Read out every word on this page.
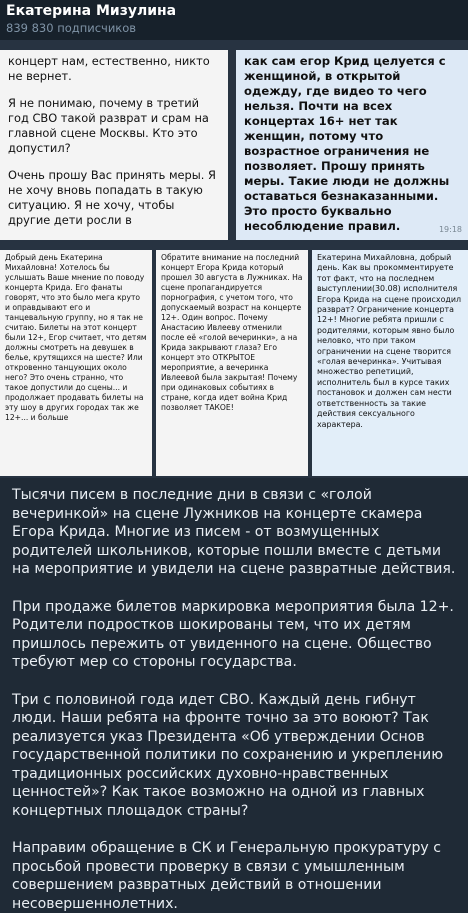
Екатерина Мизулина
839 830 подписчиков

концерт нам, естественно, никто не вернет.

Я не понимаю, почему в третий год СВО такой разврат и срам на главной сцене Москвы. Кто это допустил?

Очень прошу Вас принять меры. Я не хочу вновь попадать в такую ситуацию. Я не хочу, чтобы другие дети росли в

как сам егор Крид целуется с женщиной, в открытой одежду, где видео то чего нельзя. Почти на всех концертах 16+ нет так женщин, потому что возрастное ограничения не позволяет. Прошу принять меры. Такие люди не должны оставаться безнаказанными. Это просто буквально несоблюдение правил.	19:18
Добрый день Екатерина Михайловна! Хотелось бы услышать Ваше мнение по поводу концерта Крида. Его фанаты говорят, что это было мега круто и оправдывают его и танцевальную группу, но я так не считаю. Билеты на этот концерт были 12+, Егор считает, что детям должны смотреть на девушек в белье, крутящихся на шесте? Или откровенно танцующих около него? Это очень странно, что такое допустили до сцены... и продолжает продавать билеты на эту шоу в других городах так же 12+... и больше
Обратите внимание на последний концерт Егора Крида который прошел 30 августа в Лужниках. На сцене пропагандируется порнография, с учетом того, что допускаемый возраст на концерте 12+. Один вопрос. Почему Анастасию Ивлееву отменили после её «голой вечеринки», а на Крида закрывают глаза? Его концерт это ОТКРЫТОЕ мероприятие, а вечеринка Ивлеевой была закрытая! Почему при одинаковых событиях в стране, когда идет война Крид позволяет ТАКОЕ!
Екатерина Михайловна, добрый день. Как вы прокомментируете тот факт, что на последнем выступлении(30.08) исполнителя Егора Крида на сцене происходил разврат? Ограничение концерта 12+! Многие ребята пришли с родителями, которым явно было неловко, что при таком ограничении на сцене творится «голая вечеринка». Учитывая множество репетиций, исполнитель был в курсе таких постановок и должен сам нести ответственность за такие действия сексуального характера.

Тысячи писем в последние дни в связи с «голой вечеринкой» на сцене Лужников на концерте скамера Егора Крида. Многие из писем - от возмущенных родителей школьников, которые пошли вместе с детьми на мероприятие и увидели на сцене развратные действия.

При продаже билетов маркировка мероприятия была 12+. Родители подростков шокированы тем, что их детям пришлось пережить от увиденного на сцене. Общество требуют мер со стороны государства.

Три с половиной года идет СВО. Каждый день гибнут люди. Наши ребята на фронте точно за это воюют? Так реализуется указ Президента «Об утверждении Основ государственной политики по сохранению и укреплению традиционных российских духовно-нравственных ценностей»? Как такое возможно на одной из главных концертных площадок страны?

Направим обращение в СК и Генеральную прокуратуру с просьбой провести проверку в связи с умышленным совершением развратных действий в отношении несовершеннолетних.
